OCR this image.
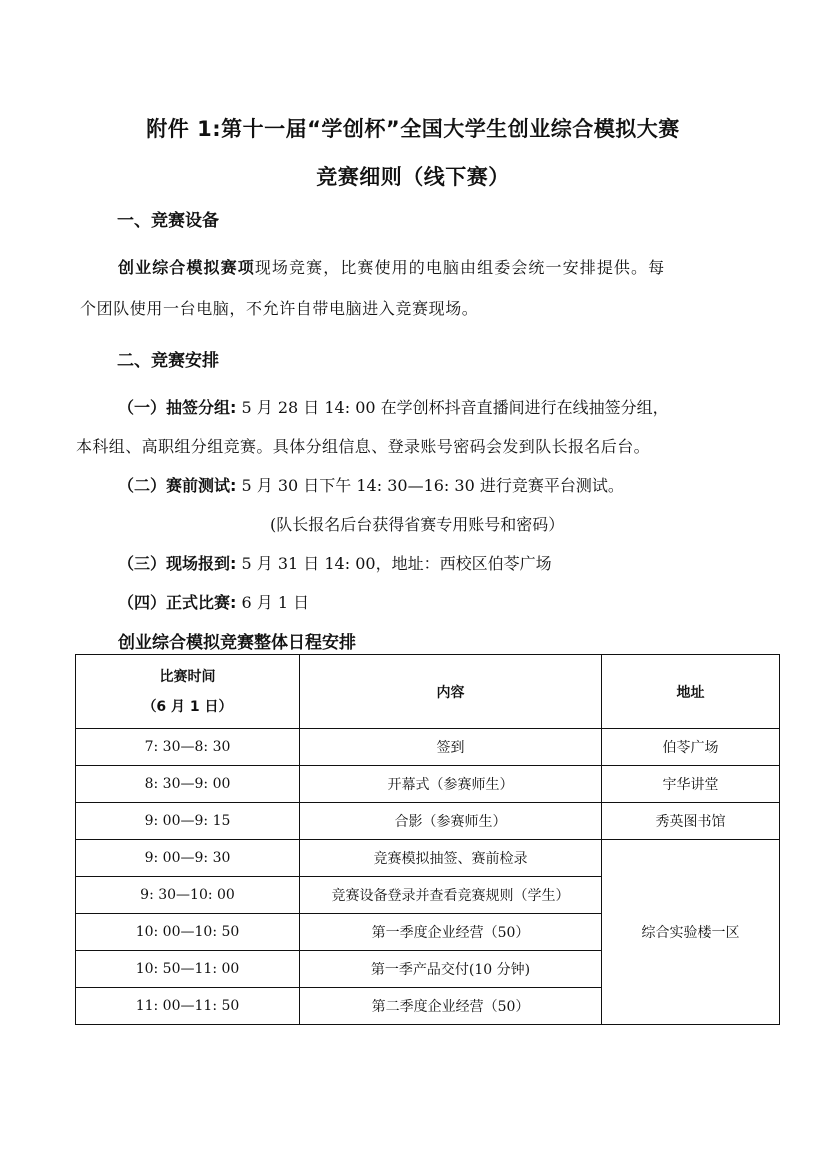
附件 1:第十一届“学创杯”全国大学生创业综合模拟大赛
竞赛细则（线下赛）
一、竞赛设备
创业综合模拟赛项现场竞赛，比赛使用的电脑由组委会统一安排提供。每
个团队使用一台电脑，不允许自带电脑进入竞赛现场。
二、竞赛安排
（一）抽签分组: 5 月 28 日 14: 00 在学创杯抖音直播间进行在线抽签分组，
本科组、高职组分组竞赛。具体分组信息、登录账号密码会发到队长报名后台。
（二）赛前测试: 5 月 30 日下午 14: 30—16: 30 进行竞赛平台测试。
(队长报名后台获得省赛专用账号和密码）
（三）现场报到: 5 月 31 日 14: 00，地址：西校区伯苓广场
（四）正式比赛: 6 月 1 日
创业综合模拟竞赛整体日程安排
比赛时间
（6 月 1 日）	内容	地址
7: 30—8: 30	签到	伯苓广场
8: 30—9: 00	开幕式（参赛师生）	宇华讲堂
9: 00—9: 15	合影（参赛师生）	秀英图书馆
9: 00—9: 30	竞赛模拟抽签、赛前检录	综合实验楼一区
9: 30—10: 00	竞赛设备登录并查看竞赛规则（学生）	
10: 00—10: 50	第一季度企业经营（50）	
10: 50—11: 00	第一季产品交付(10 分钟)	
11: 00—11: 50	第二季度企业经营（50）	
